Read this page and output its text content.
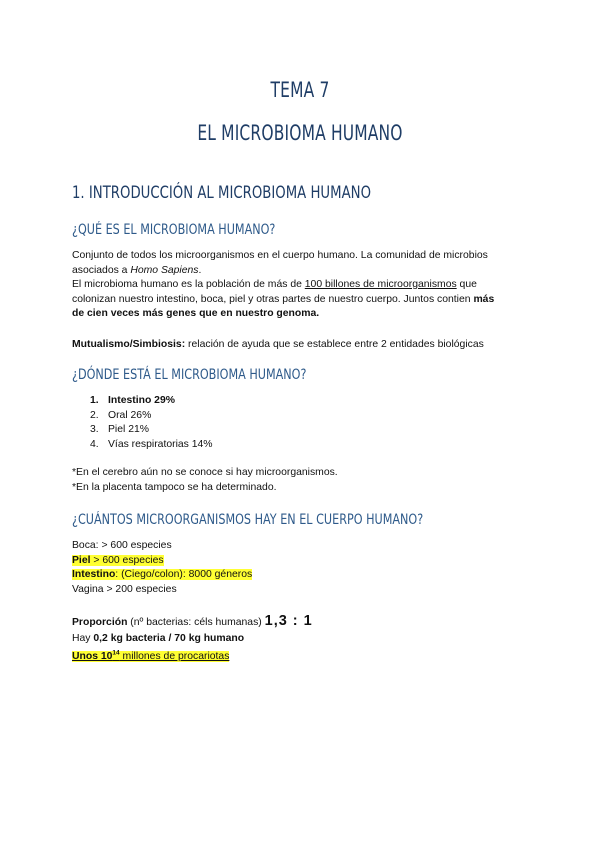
TEMA 7
EL MICROBIOMA HUMANO
1. INTRODUCCIÓN AL MICROBIOMA HUMANO
¿QUÉ ES EL MICROBIOMA HUMANO?
Conjunto de todos los microorganismos en el cuerpo humano. La comunidad de microbios
asociados a Homo Sapiens.
El microbioma humano es la población de más de 100 billones de microorganismos que
colonizan nuestro intestino, boca, piel y otras partes de nuestro cuerpo. Juntos contien más
de cien veces más genes que en nuestro genoma.
Mutualismo/Simbiosis: relación de ayuda que se establece entre 2 entidades biológicas
¿DÓNDE ESTÁ EL MICROBIOMA HUMANO?
1. Intestino 29%
2. Oral 26%
3. Piel 21%
4. Vías respiratorias 14%
*En el cerebro aún no se conoce si hay microorganismos.
*En la placenta tampoco se ha determinado.
¿CUÁNTOS MICROORGANISMOS HAY EN EL CUERPO HUMANO?
Boca: > 600 especies
Piel > 600 especies
Intestino: (Ciego/colon): 8000 géneros
Vagina > 200 especies
Proporción (nº bacterias: céls humanas) 1,3 : 1
Hay 0,2 kg bacteria / 70 kg humano
Unos $10^{14}$ millones de procariotas
